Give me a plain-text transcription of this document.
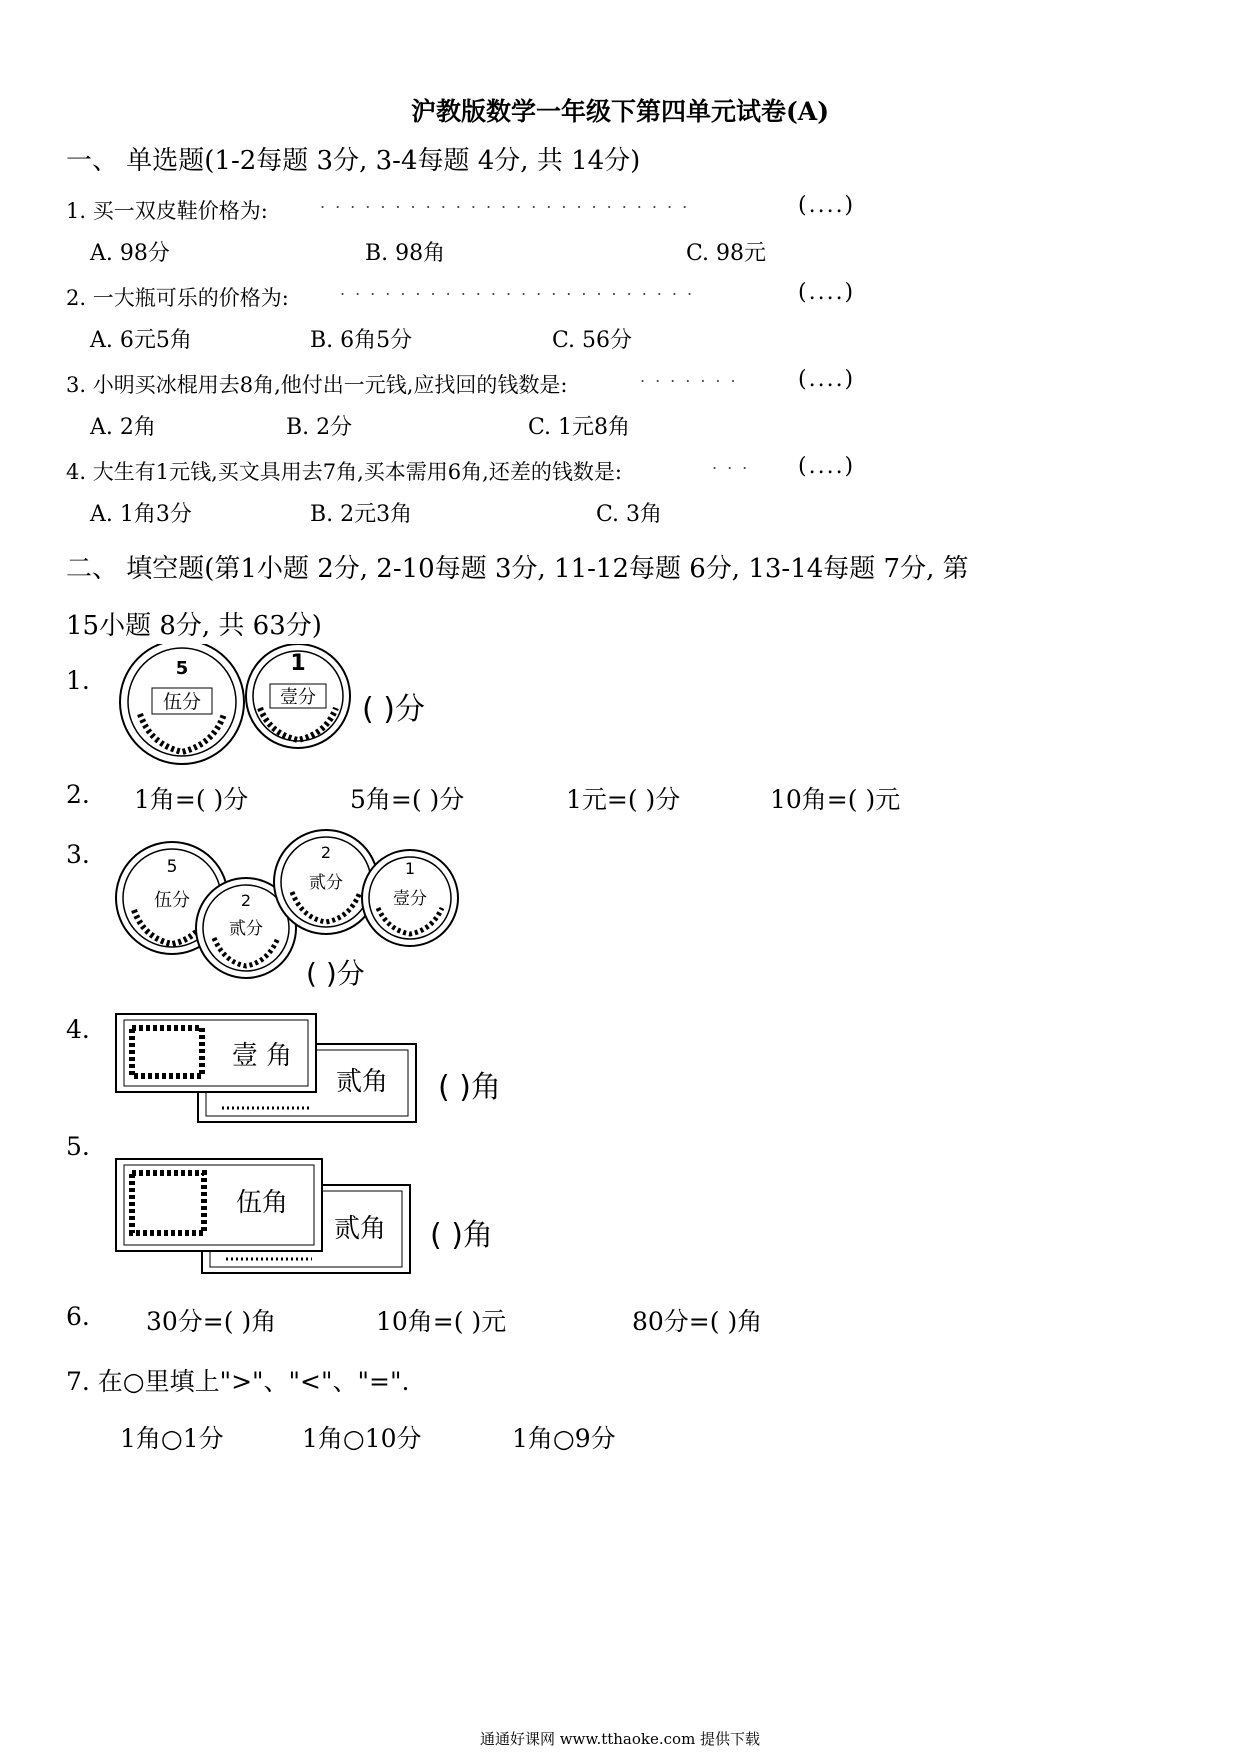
沪教版数学一年级下第四单元试卷(A)
一、 单选题(1-2每题 3分, 3-4每题 4分, 共 14分)
1. 买一双皮鞋价格为:	.........................	(....)
A. 98分	B. 98角	C. 98元
2. 一大瓶可乐的价格为:	........................	(....)
A. 6元5角	B. 6角5分	C. 56分
3. 小明买冰棍用去8角,他付出一元钱,应找回的钱数是:	....... (....)
A. 2角	B. 2分	C. 1元8角
4. 大生有1元钱,买文具用去7角,买本需用6角,还差的钱数是:	... (....)
A. 1角3分	B. 2元3角	C. 3角
二、 填空题(第1小题 2分, 2-10每题 3分, 11-12每题 6分, 13-14每题 7分, 第
15小题 8分, 共 63分)
1.	5
伍分
1
壹分 ( )分
2. 1角=( )分	5角=( )分	1元=( )分	10角=( )元
3.	5
伍分	2
贰分
2
贰分
1
壹分
( )分
4.
贰角
壹 角
( )角
5.
贰角
伍角
( )角
6. 30分=( )角	10角=( )元	80分=( )角
7. 在○里填上">"、"<"、"=".
1角○1分	1角○10分	1角○9分
通通好课网 www.tthaoke.com 提供下载
